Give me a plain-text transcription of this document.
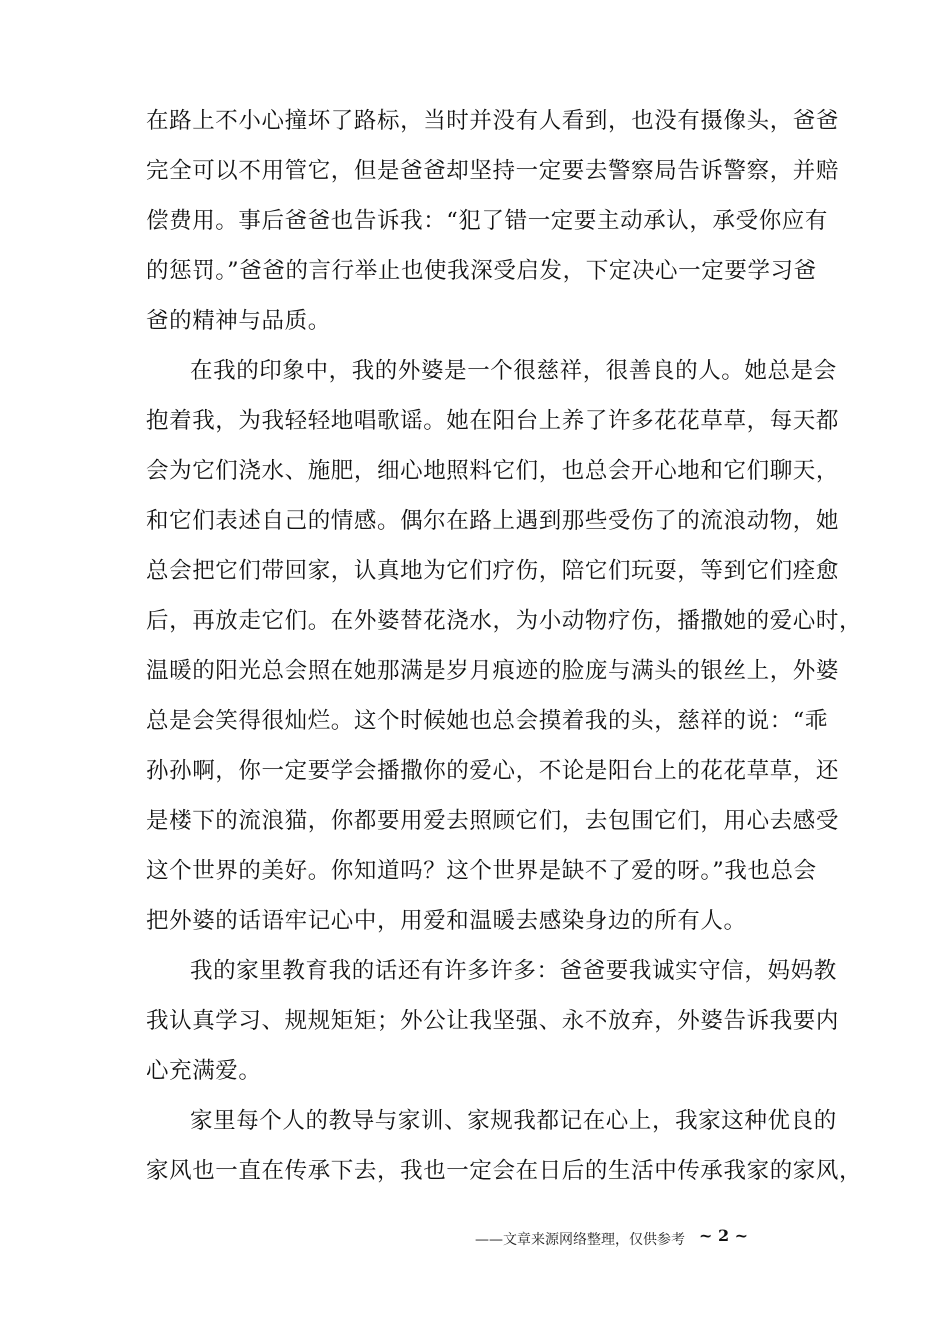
在路上不小心撞坏了路标，当时并没有人看到，也没有摄像头，爸爸
完全可以不用管它，但是爸爸却坚持一定要去警察局告诉警察，并赔
偿费用。事后爸爸也告诉我：“犯了错一定要主动承认，承受你应有
的惩罚。”爸爸的言行举止也使我深受启发，下定决心一定要学习爸
爸的精神与品质。
在我的印象中，我的外婆是一个很慈祥，很善良的人。她总是会
抱着我，为我轻轻地唱歌谣。她在阳台上养了许多花花草草，每天都
会为它们浇水、施肥，细心地照料它们，也总会开心地和它们聊天，
和它们表述自己的情感。偶尔在路上遇到那些受伤了的流浪动物，她
总会把它们带回家，认真地为它们疗伤，陪它们玩耍，等到它们痊愈
后，再放走它们。在外婆替花浇水，为小动物疗伤，播撒她的爱心时，
温暖的阳光总会照在她那满是岁月痕迹的脸庞与满头的银丝上，外婆
总是会笑得很灿烂。这个时候她也总会摸着我的头，慈祥的说：“乖
孙孙啊，你一定要学会播撒你的爱心，不论是阳台上的花花草草，还
是楼下的流浪猫，你都要用爱去照顾它们，去包围它们，用心去感受
这个世界的美好。你知道吗？这个世界是缺不了爱的呀。”我也总会
把外婆的话语牢记心中，用爱和温暖去感染身边的所有人。
我的家里教育我的话还有许多许多：爸爸要我诚实守信，妈妈教
我认真学习、规规矩矩；外公让我坚强、永不放弃，外婆告诉我要内
心充满爱。
家里每个人的教导与家训、家规我都记在心上，我家这种优良的
家风也一直在传承下去，我也一定会在日后的生活中传承我家的家风，
——文章来源网络整理，仅供参考 ~ 2 ~
